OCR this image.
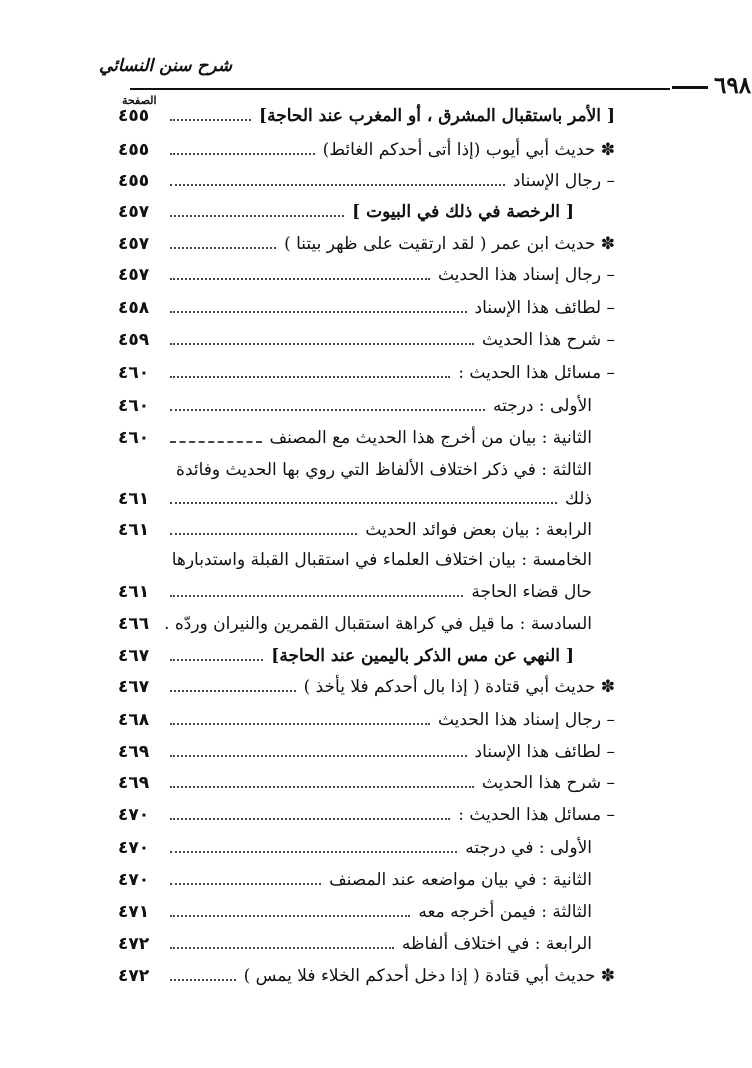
شرح سنن النسائي
٦٩٨
الصفحة
[ الأمر باستقبال المشرق ، أو المغرب عند الحاجة]
٤٥٥
✽ حديث أبي أيوب (إذا أتى أحدكم الغائط)
٤٥٥
– رجال الإسناد
٤٥٥
[ الرخصة في ذلك في البيوت ]
٤٥٧
✽ حديث ابن عمر ( لقد ارتقيت على ظهر بيتنا )
٤٥٧
– رجال إسناد هذا الحديث
٤٥٧
– لطائف هذا الإسناد
٤٥٨
– شرح هذا الحديث
٤٥٩
– مسائل هذا الحديث :
٤٦٠
الأولى : درجته
٤٦٠
الثانية : بيان من أخرج هذا الحديث مع المصنف
٤٦٠
الثالثة : في ذكر اختلاف الألفاظ التي روي بها الحديث وفائدة
ذلك
٤٦١
الرابعة : بيان بعض فوائد الحديث
٤٦١
الخامسة : بيان اختلاف العلماء في استقبال القبلة واستدبارها
حال قضاء الحاجة
٤٦١
السادسة : ما قيل في كراهة استقبال القمرين والنيران وردّه .
٤٦٦
[ النهي عن مس الذكر باليمين عند الحاجة]
٤٦٧
✽ حديث أبي قتادة ( إذا بال أحدكم فلا يأخذ )
٤٦٧
– رجال إسناد هذا الحديث
٤٦٨
– لطائف هذا الإسناد
٤٦٩
– شرح هذا الحديث
٤٦٩
– مسائل هذا الحديث :
٤٧٠
الأولى : في درجته
٤٧٠
الثانية : في بيان مواضعه عند المصنف
٤٧٠
الثالثة : فيمن أخرجه معه
٤٧١
الرابعة : في اختلاف ألفاظه
٤٧٢
✽ حديث أبي قتادة ( إذا دخل أحدكم الخلاء فلا يمس )
٤٧٢
